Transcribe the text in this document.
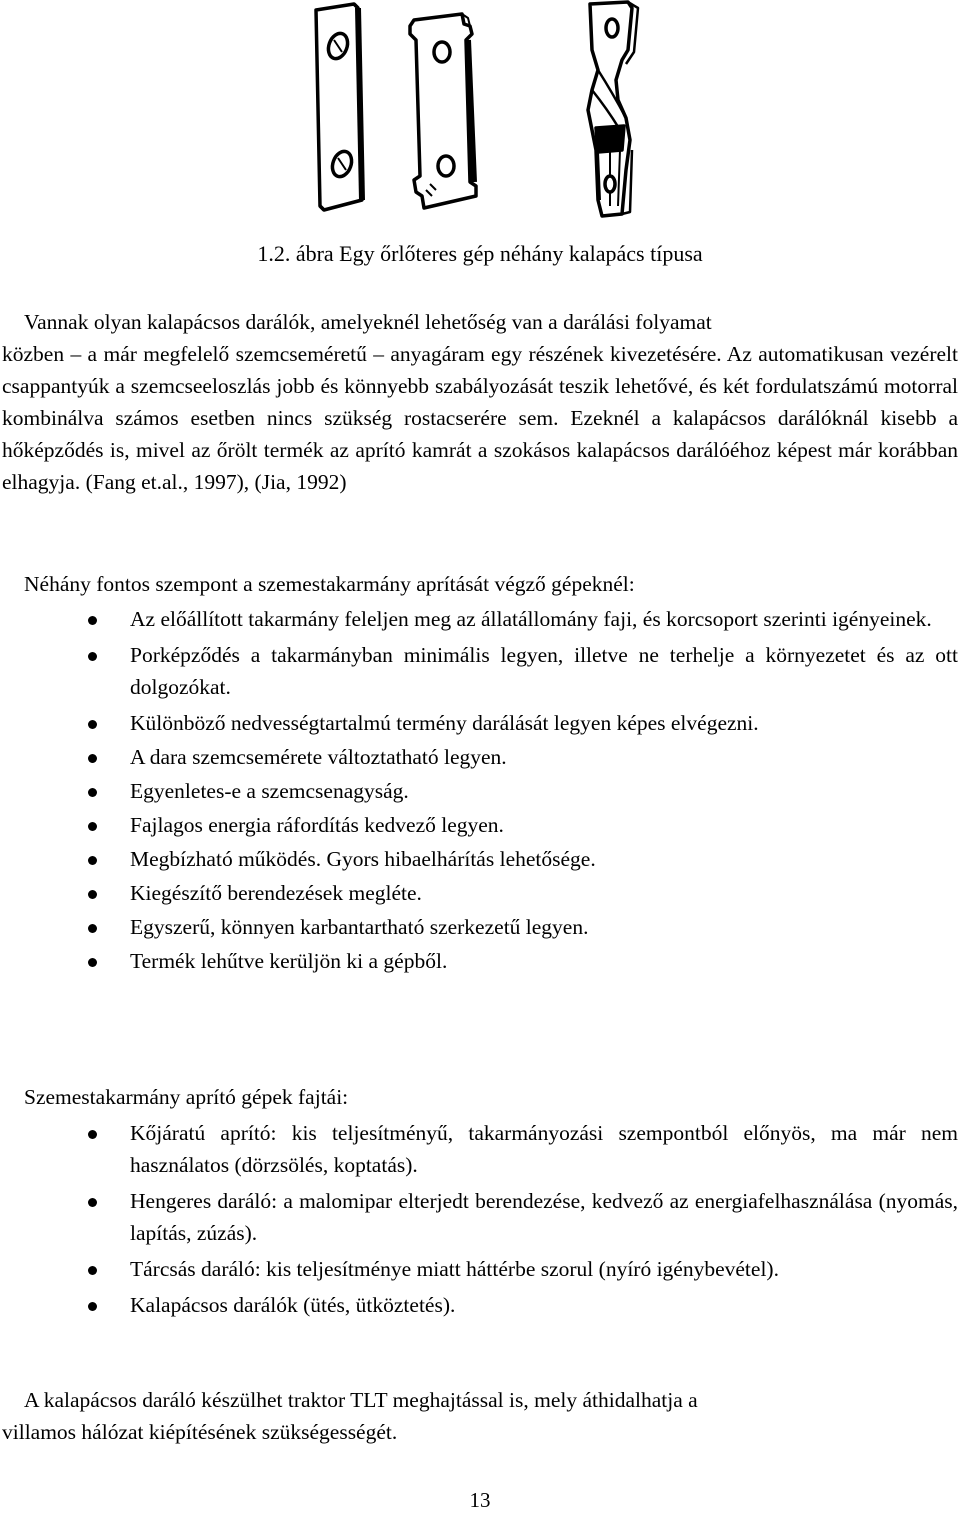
1.2. ábra Egy őrlőteres gép néhány kalapács típusa

Vannak olyan kalapácsos darálók, amelyeknél lehetőség van a darálási folyamat
közben – a már megfelelő szemcseméretű – anyagáram egy részének kivezetésére. Az automatikusan vezérelt csappantyúk a szemcseeloszlás jobb és könnyebb szabályozását teszik lehetővé, és két fordulatszámú motorral kombinálva számos esetben nincs szükség rostacserére sem. Ezeknél a kalapácsos darálóknál kisebb a hőképződés is, mivel az őrölt termék az aprító kamrát a szokásos kalapácsos darálóéhoz képest már korábban elhagyja. (Fang et.al., 1997), (Jia, 1992)

Néhány fontos szempont a szemestakarmány aprítását végző gépeknél:

Az előállított takarmány feleljen meg az állatállomány faji, és korcsoport szerinti igényeinek.
Porképződés a takarmányban minimális legyen, illetve ne terhelje a környezetet és az ott dolgozókat.
Különböző nedvességtartalmú termény darálását legyen képes elvégezni.
A dara szemcsemérete változtatható legyen.
Egyenletes-e a szemcsenagyság.
Fajlagos energia ráfordítás kedvező legyen.
Megbízható működés. Gyors hibaelhárítás lehetősége.
Kiegészítő berendezések megléte.
Egyszerű, könnyen karbantartható szerkezetű legyen.
Termék lehűtve kerüljön ki a gépből.

Szemestakarmány aprító gépek fajtái:

Kőjáratú aprító: kis teljesítményű, takarmányozási szempontból előnyös, ma már nem használatos (dörzsölés, koptatás).
Hengeres daráló: a malomipar elterjedt berendezése, kedvező az energiafelhasználása (nyomás, lapítás, zúzás).
Tárcsás daráló: kis teljesítménye miatt háttérbe szorul (nyíró igénybevétel).
Kalapácsos darálók (ütés, ütköztetés).

A kalapácsos daráló készülhet traktor TLT meghajtással is, mely áthidalhatja a
villamos hálózat kiépítésének szükségességét.

13
